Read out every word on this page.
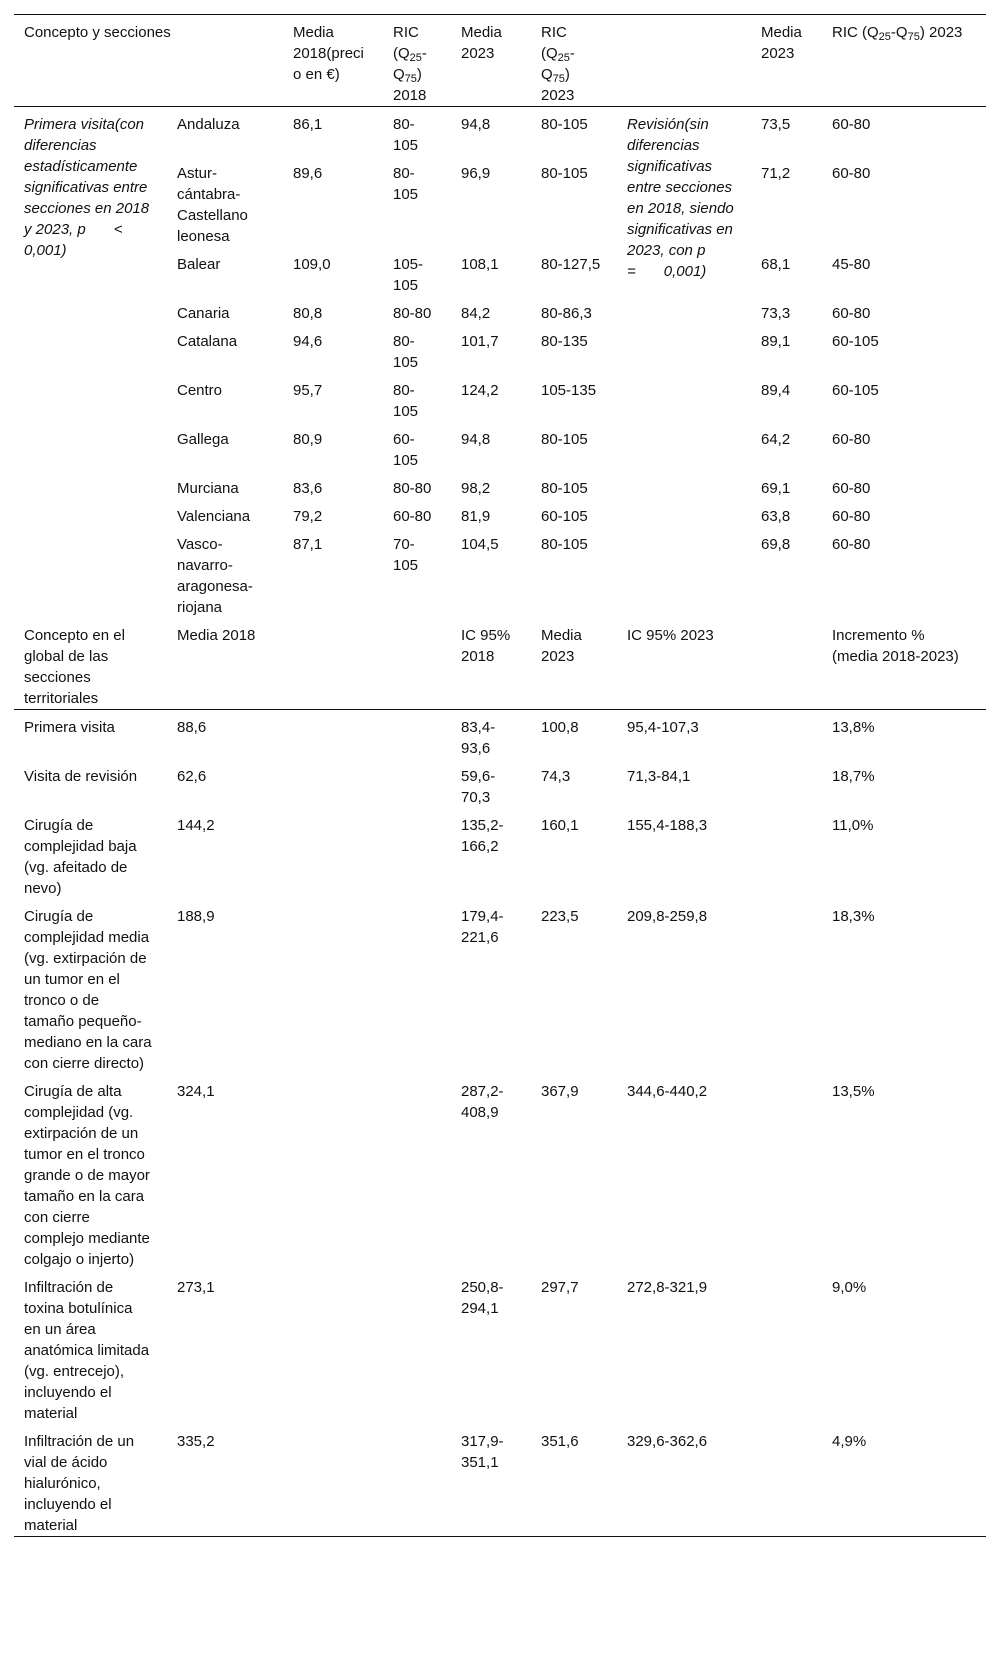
Concepto y secciones		Media 2018(precio en €)	RIC $(Q_{25}-Q_{75})$ 2018	Media 2023	RIC $(Q_{25}-Q_{75})$ 2023		Media 2023	RIC $(Q_{25}-Q_{75})$ 2023
Primera visita(con diferencias estadísticamente significativas entre secciones en 2018 y 2023, p <0,001)	Andaluza	86,1	80-105	94,8	80-105	Revisión(sin diferencias significativas entre secciones en 2018, siendo significativas en 2023, con p= 0,001)	73,5	60-80
	Astur-cántabra-Castellano leonesa	89,6	80-105	96,9	80-105		71,2	60-80
	Balear	109,0	105-105	108,1	80-127,5		68,1	45-80
	Canaria	80,8	80-80	84,2	80-86,3		73,3	60-80
	Catalana	94,6	80-105	101,7	80-135		89,1	60-105
	Centro	95,7	80-105	124,2	105-135		89,4	60-105
	Gallega	80,9	60-105	94,8	80-105		64,2	60-80
	Murciana	83,6	80-80	98,2	80-105		69,1	60-80
	Valenciana	79,2	60-80	81,9	60-105		63,8	60-80
	Vasco-navarro-aragonesa-riojana	87,1	70-105	104,5	80-105		69,8	60-80
Concepto en el global de las secciones territoriales	Media 2018			IC 95% 2018	Media 2023	IC 95% 2023		Incremento % (media 2018-2023)
Primera visita	88,6			83,4-93,6	100,8	95,4-107,3		13,8%
Visita de revisión	62,6			59,6-70,3	74,3	71,3-84,1		18,7%
Cirugía de complejidad baja (vg. afeitado de nevo)	144,2			135,2-166,2	160,1	155,4-188,3		11,0%
Cirugía de complejidad media (vg. extirpación de un tumor en el tronco o de tamaño pequeño-mediano en la cara con cierre directo)	188,9			179,4-221,6	223,5	209,8-259,8		18,3%
Cirugía de alta complejidad (vg. extirpación de un tumor en el tronco grande o de mayor tamaño en la cara con cierre complejo mediante colgajo o injerto)	324,1			287,2-408,9	367,9	344,6-440,2		13,5%
Infiltración de toxina botulínica en un área anatómica limitada (vg. entrecejo), incluyendo el material	273,1			250,8-294,1	297,7	272,8-321,9		9,0%
Infiltración de un vial de ácido hialurónico, incluyendo el material	335,2			317,9-351,1	351,6	329,6-362,6		4,9%
